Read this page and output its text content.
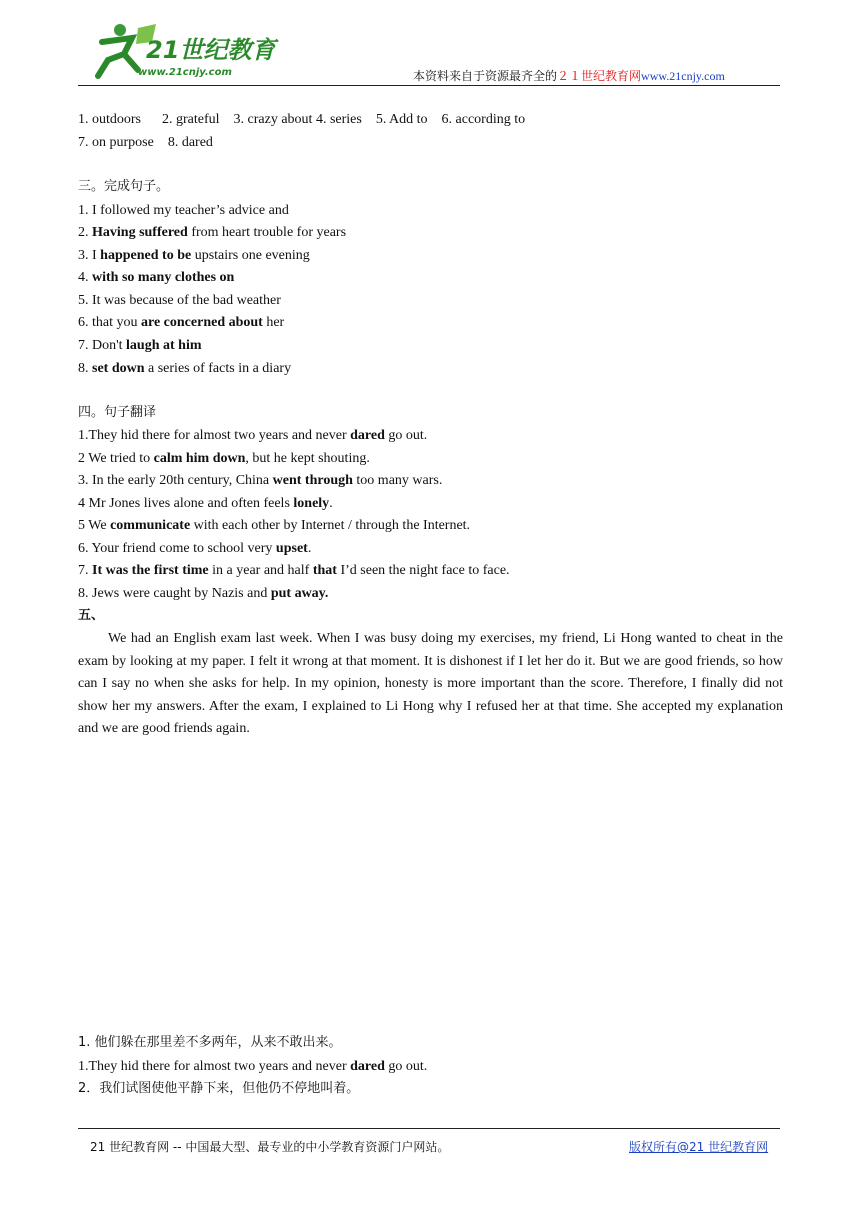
21世纪教育
www.21cnjy.com	本资料来自于资源最齐全的２１世纪教育网www.21cnjy.com
1. outdoors      2. grateful    3. crazy about 4. series    5. Add to    6. according to
7. on purpose    8. dared
三。完成句子。
1. I followed my teacher’s advice and
2. Having suffered from heart trouble for years
3. I happened to be upstairs one evening
4. with so many clothes on
5. It was because of the bad weather
6. that you are concerned about her
7. Don't laugh at him
8. set down a series of facts in a diary
四。句子翻译
1.They hid there for almost two years and never dared go out.
2 We tried to calm him down, but he kept shouting.
3. In the early 20th century, China went through too many wars.
4 Mr Jones lives alone and often feels lonely.
5 We communicate with each other by Internet / through the Internet.
6. Your friend come to school very upset.
7. It was the first time in a year and half that I’d seen the night face to face.
8. Jews were caught by Nazis and put away.
五、
We had an English exam last week. When I was busy doing my exercises, my friend, Li Hong wanted to cheat in the exam by looking at my paper. I felt it wrong at that moment. It is dishonest if I let her do it. But we are good friends, so how can I say no when she asks for help. In my opinion, honesty is more important than the score. Therefore, I finally did not show her my answers. After the exam, I explained to Li Hong why I refused her at that time. She accepted my explanation and we are good friends again.
1. 他们躲在那里差不多两年，从来不敢出来。
1.They hid there for almost two years and never dared go out.
2．我们试图使他平静下来，但他仍不停地叫着。
21 世纪教育网 -- 中国最大型、最专业的中小学教育资源门户网站。	版权所有@21 世纪教育网
